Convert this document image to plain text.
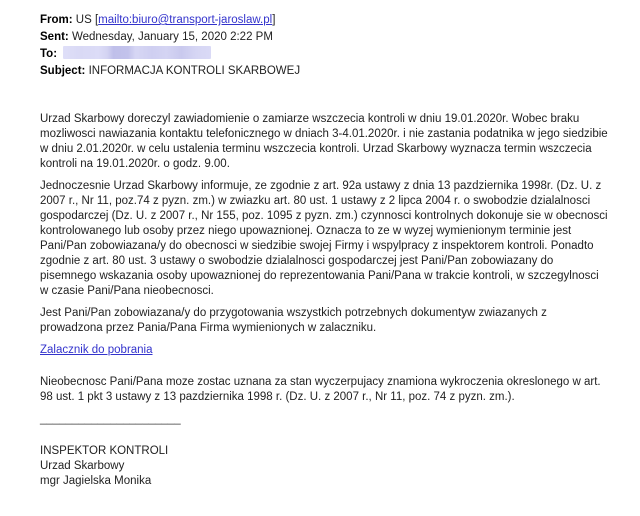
From: US [mailto:biuro@transport-jaroslaw.pl]
Sent: Wednesday, January 15, 2020 2:22 PM
To:
Subject: INFORMACJA KONTROLI SKARBOWEJ

Urzad Skarbowy doreczyl zawiadomienie o zamiarze wszczecia kontroli w dniu 19.01.2020r. Wobec braku mozliwosci nawiazania kontaktu telefonicznego w dniach 3-4.01.2020r. i nie zastania podatnika w jego siedzibie w dniu 2.01.2020r. w celu ustalenia terminu wszczecia kontroli. Urzad Skarbowy wyznacza termin wszczecia kontroli na 19.01.2020r. o godz. 9.00.

Jednoczesnie Urzad Skarbowy informuje, ze zgodnie z art. 92a ustawy z dnia 13 pazdziernika 1998r. (Dz. U. z 2007 r., Nr 11, poz.74 z pyzn. zm.) w zwiazku art. 80 ust. 1 ustawy z 2 lipca 2004 r. o swobodzie dzialalnosci gospodarczej (Dz. U. z 2007 r., Nr 155, poz. 1095 z pyzn. zm.) czynnosci kontrolnych dokonuje sie w obecnosci kontrolowanego lub osoby przez niego upowaznionej. Oznacza to ze w wyzej wymienionym terminie jest Pani/Pan zobowiazana/y do obecnosci w siedzibie swojej Firmy i wspylpracy z inspektorem kontroli. Ponadto zgodnie z art. 80 ust. 3 ustawy o swobodzie dzialalnosci gospodarczej jest Pani/Pan zobowiazany do pisemnego wskazania osoby upowaznionej do reprezentowania Pani/Pana w trakcie kontroli, w szczegylnosci w czasie Pani/Pana nieobecnosci.

Jest Pani/Pan zobowiazana/y do przygotowania wszystkich potrzebnych dokumentyw zwiazanych z prowadzona przez Pania/Pana Firma wymienionych w zalaczniku.

Zalacznik do pobrania

Nieobecnosc Pani/Pana moze zostac uznana za stan wyczerpujacy znamiona wykroczenia okreslonego w art. 98 ust. 1 pkt 3 ustawy z 13 pazdziernika 1998 r. (Dz. U. z 2007 r., Nr 11, poz. 74 z pyzn. zm.).

______________________
INSPEKTOR KONTROLI
Urzad Skarbowy
mgr Jagielska Monika
